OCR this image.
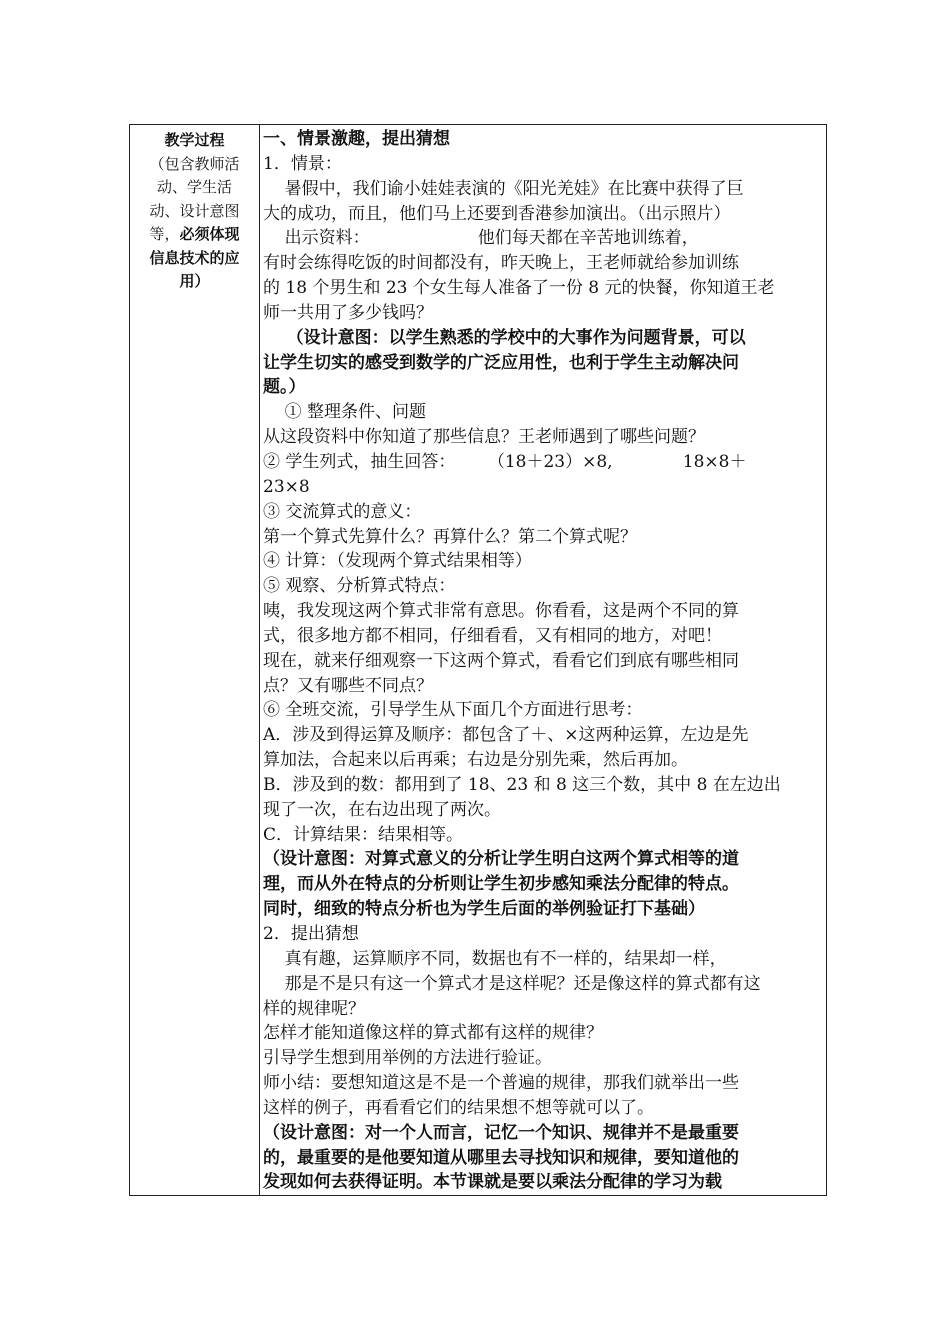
教学过程
（包含教师活
动、学生活
动、设计意图
等，必须体现
信息技术的应
用）
一、情景激趣，提出猜想
1．情景：
暑假中，我们谕小娃娃表演的《阳光羌娃》在比赛中获得了巨
大的成功，而且，他们马上还要到香港参加演出。（出示照片）
出示资料：                    他们每天都在辛苦地训练着，
有时会练得吃饭的时间都没有，昨天晚上，王老师就给参加训练
的 18 个男生和 23 个女生每人准备了一份 8 元的快餐，你知道王老
师一共用了多少钱吗？
（设计意图：以学生熟悉的学校中的大事作为问题背景，可以
让学生切实的感受到数学的广泛应用性，也利于学生主动解决问
题。）
① 整理条件、问题
从这段资料中你知道了那些信息？王老师遇到了哪些问题？
② 学生列式，抽生回答：      （18＋23）×8,             18×8＋
23×8
③ 交流算式的意义：
第一个算式先算什么？再算什么？第二个算式呢？
④ 计算：（发现两个算式结果相等）
⑤ 观察、分析算式特点：
咦，我发现这两个算式非常有意思。你看看，这是两个不同的算
式，很多地方都不相同，仔细看看，又有相同的地方，对吧！
现在，就来仔细观察一下这两个算式，看看它们到底有哪些相同
点？又有哪些不同点？
⑥ 全班交流，引导学生从下面几个方面进行思考：
A．涉及到得运算及顺序：都包含了＋、×这两种运算，左边是先
算加法，合起来以后再乘；右边是分别先乘，然后再加。
B．涉及到的数：都用到了 18、23 和 8 这三个数，其中 8 在左边出
现了一次，在右边出现了两次。
C．计算结果：结果相等。
（设计意图：对算式意义的分析让学生明白这两个算式相等的道
理，而从外在特点的分析则让学生初步感知乘法分配律的特点。
同时，细致的特点分析也为学生后面的举例验证打下基础）
2．提出猜想
真有趣，运算顺序不同，数据也有不一样的，结果却一样，
那是不是只有这一个算式才是这样呢？还是像这样的算式都有这
样的规律呢？
怎样才能知道像这样的算式都有这样的规律？
引导学生想到用举例的方法进行验证。
师小结：要想知道这是不是一个普遍的规律，那我们就举出一些
这样的例子，再看看它们的结果想不想等就可以了。
（设计意图：对一个人而言，记忆一个知识、规律并不是最重要
的，最重要的是他要知道从哪里去寻找知识和规律，要知道他的
发现如何去获得证明。本节课就是要以乘法分配律的学习为载
